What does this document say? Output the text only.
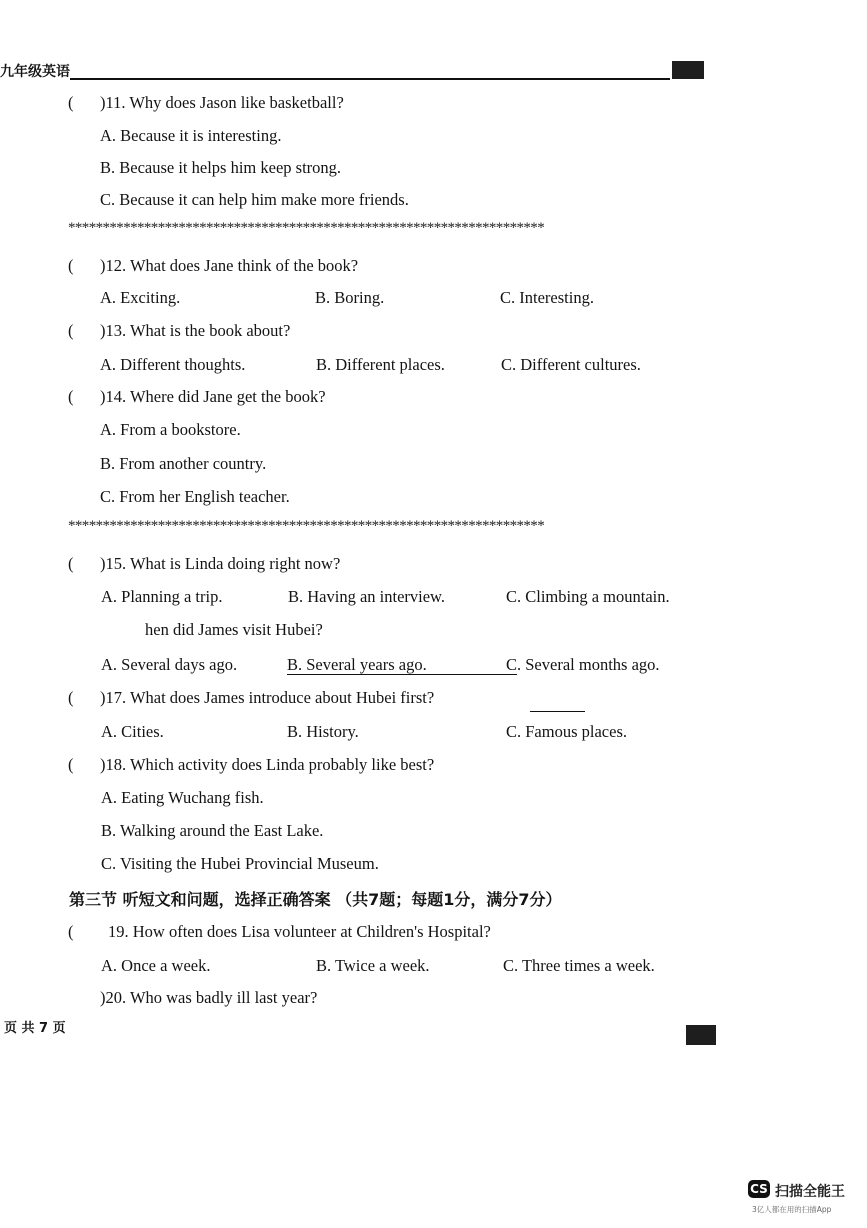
九年级英语
( )11. Why does Jason like basketball?
A. Because it is interesting.
B. Because it helps him keep strong.
C. Because it can help him make more friends.
*********************************************************************
( )12. What does Jane think of the book?
A. Exciting.	B. Boring.	C. Interesting.
( )13. What is the book about?
A. Different thoughts.	B. Different places.	C. Different cultures.
( )14. Where did Jane get the book?
A. From a bookstore.
B. From another country.
C. From her English teacher.
*********************************************************************
( )15. What is Linda doing right now?
A. Planning a trip.	B. Having an interview.	C. Climbing a mountain.
hen did James visit Hubei?
A. Several days ago.	B. Several years ago.	C. Several months ago.
( )17. What does James introduce about Hubei first?
A. Cities.	B. History.	C. Famous places.
( )18. Which activity does Linda probably like best?
A. Eating Wuchang fish.
B. Walking around the East Lake.
C. Visiting the Hubei Provincial Museum.
第三节 听短文和问题，选择正确答案 （共7题；每题1分，满分7分）
( 19. How often does Lisa volunteer at Children's Hospital?
A. Once a week.	B. Twice a week.	C. Three times a week.
)20. Who was badly ill last year?
页 共 7 页
CS 扫描全能王
3亿人都在用的扫描App
